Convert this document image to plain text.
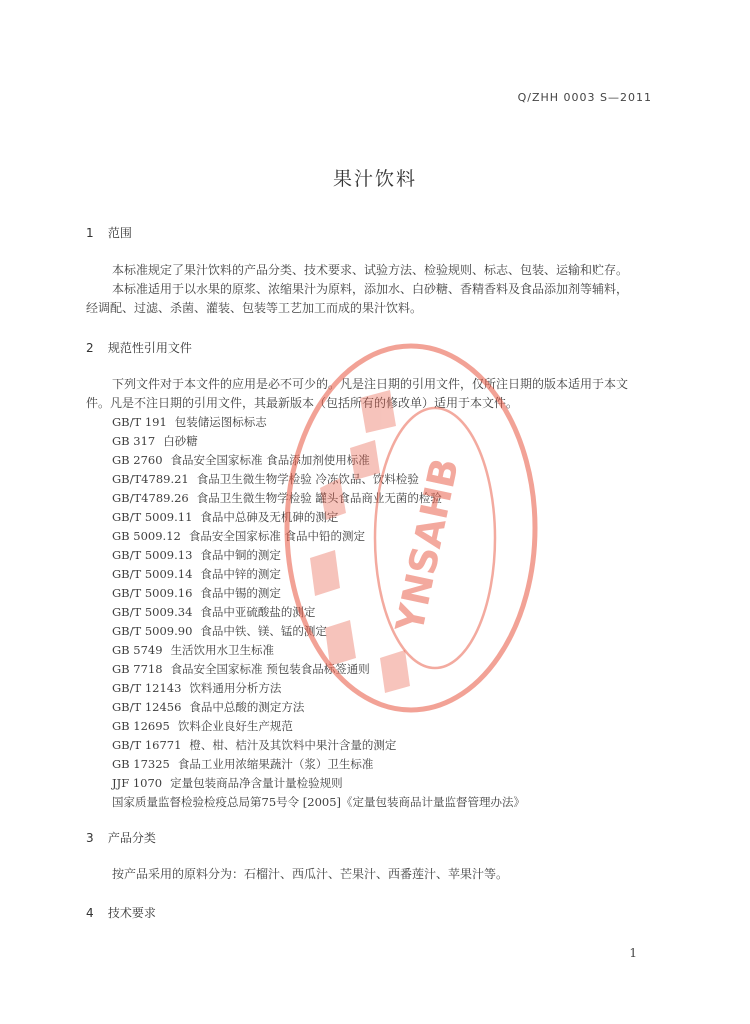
Q/ZHH 0003 S—2011
果汁饮料
1 范围
本标准规定了果汁饮料的产品分类、技术要求、试验方法、检验规则、标志、包装、运输和贮存。
本标准适用于以水果的原浆、浓缩果汁为原料，添加水、白砂糖、香精香料及食品添加剂等辅料，
经调配、过滤、杀菌、灌装、包装等工艺加工而成的果汁饮料。
2 规范性引用文件
下列文件对于本文件的应用是必不可少的。凡是注日期的引用文件，仅所注日期的版本适用于本文
件。凡是不注日期的引用文件，其最新版本（包括所有的修改单）适用于本文件。
GB/T 191 包装储运图标标志
GB 317 白砂糖
GB 2760 食品安全国家标准 食品添加剂使用标准
GB/T4789.21 食品卫生微生物学检验 冷冻饮品、饮料检验
GB/T4789.26 食品卫生微生物学检验 罐头食品商业无菌的检验
GB/T 5009.11 食品中总砷及无机砷的测定
GB 5009.12 食品安全国家标准 食品中铅的测定
GB/T 5009.13 食品中铜的测定
GB/T 5009.14 食品中锌的测定
GB/T 5009.16 食品中锡的测定
GB/T 5009.34 食品中亚硫酸盐的测定
GB/T 5009.90 食品中铁、镁、锰的测定
GB 5749 生活饮用水卫生标准
GB 7718 食品安全国家标准 预包装食品标签通则
GB/T 12143 饮料通用分析方法
GB/T 12456 食品中总酸的测定方法
GB 12695 饮料企业良好生产规范
GB/T 16771 橙、柑、桔汁及其饮料中果汁含量的测定
GB 17325 食品工业用浓缩果蔬汁（浆）卫生标准
JJF 1070 定量包装商品净含量计量检验规则
国家质量监督检验检疫总局第75号令 [2005]《定量包装商品计量监督管理办法》
3 产品分类
按产品采用的原料分为：石榴汁、西瓜汁、芒果汁、西番莲汁、苹果汁等。
4 技术要求
YNSAHB
1
